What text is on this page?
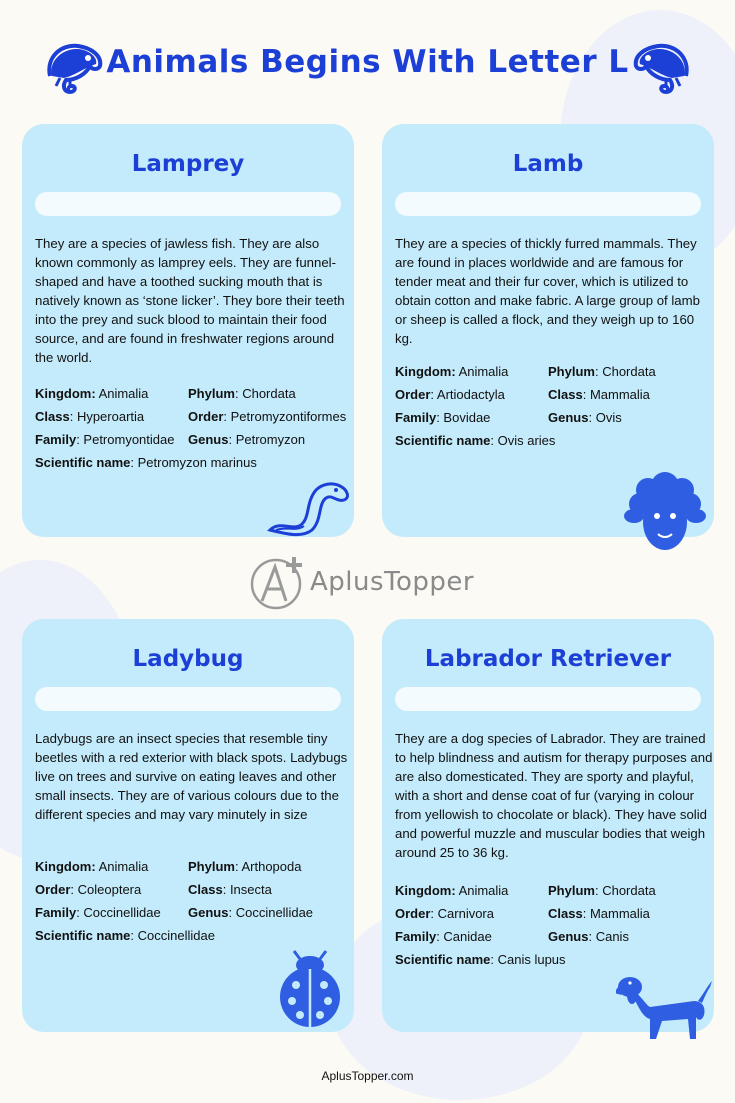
Animals Begins With Letter L
Lamprey
They are a species of jawless fish. They are also known commonly as lamprey eels. They are funnel-shaped and have a toothed sucking mouth that is natively known as ‘stone licker’. They bore their teeth into the prey and suck blood to maintain their food source, and are found in freshwater regions around the world.
Kingdom: Animalia	Phylum: Chordata
Class: Hyperoartia	Order: Petromyzontiformes
Family: Petromyontidae Genus: Petromyzon
Scientific name: Petromyzon marinus
Lamb
They are a species of thickly furred mammals. They are found in places worldwide and are famous for tender meat and their fur cover, which is utilized to obtain cotton and make fabric. A large group of lamb or sheep is called a flock, and they weigh up to 160 kg.
Kingdom: Animalia	Phylum: Chordata
Order: Artiodactyla	Class: Mammalia
Family: Bovidae	Genus: Ovis
Scientific name: Ovis aries
AplusTopper
Ladybug
Ladybugs are an insect species that resemble tiny beetles with a red exterior with black spots. Ladybugs live on trees and survive on eating leaves and other small insects. They are of various colours due to the different species and may vary minutely in size
Kingdom: Animalia	Phylum: Arthopoda
Order: Coleoptera	Class: Insecta
Family: Coccinellidae Genus: Coccinellidae
Scientific name: Coccinellidae
Labrador Retriever
They are a dog species of Labrador. They are trained to help blindness and autism for therapy purposes and are also domesticated. They are sporty and playful, with a short and dense coat of fur (varying in colour from yellowish to chocolate or black). They have solid and powerful muzzle and muscular bodies that weigh around 25 to 36 kg.
Kingdom: Animalia	Phylum: Chordata
Order: Carnivora	Class: Mammalia
Family: Canidae	Genus: Canis
Scientific name: Canis lupus
AplusTopper.com
